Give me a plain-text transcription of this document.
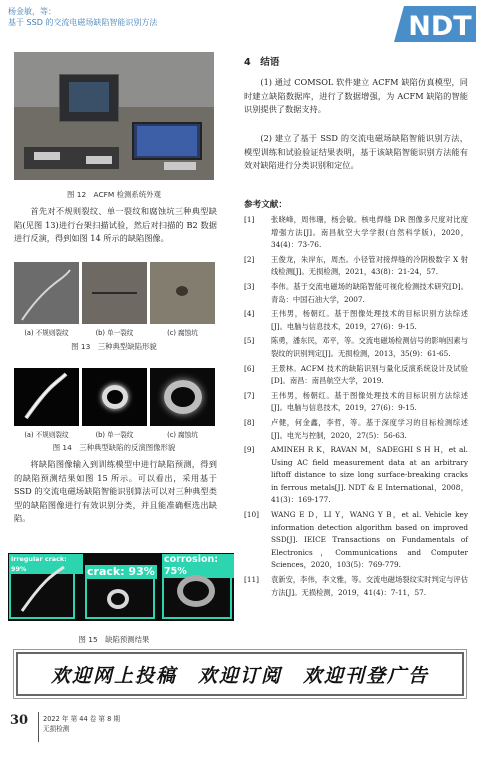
杨金敏，等：
基于 SSD 的交流电磁场缺陷智能识别方法	NDT
图 12　ACFM 检测系统外观
首先对不规则裂纹、单一裂纹和腐蚀坑三种典型缺陷(见图 13)进行台架扫描试验，然后对扫描的 B2 数据进行反演，得到如图 14 所示的缺陷图像。
(a) 不规则裂纹	(b) 单一裂纹	(c) 腐蚀坑
图 13　三种典型缺陷形貌
(a) 不规则裂纹	(b) 单一裂纹	(c) 腐蚀坑
图 14　三种典型缺陷的反演图像形貌
将缺陷图像输入到训练模型中进行缺陷预测，得到的缺陷预测结果如图 15 所示。可以看出，采用基于 SSD 的交流电磁场缺陷智能识别算法可以对三种典型类型的缺陷图像进行有效识别分类，并且能准确框选出缺陷。
irregular crack: 99%	crack: 93%
corrosion: 75%
图 15　缺陷预测结果
4　结语
(1) 通过 COMSOL 软件建立 ACFM 缺陷仿真模型，同时建立缺陷数据库，进行了数据增强，为 ACFM 缺陷的智能识别提供了数据支持。
(2) 建立了基于 SSD 的交流电磁场缺陷智能识别方法，模型训练和试验验证结果表明，基于该缺陷智能识别方法能有效对缺陷进行分类识别和定位。
参考文献：
[1] 张晓峰，周伟珊，杨会敏。核电焊缝 DR 图像多尺度对比度增强方法[J]。南昌航空大学学报(自然科学版)，2020，34(4)：73-76.
[2] 王俊龙，朱岸东，周杰。小径管对接焊缝的冷阴极数字 X 射线检测[J]。无损检测，2021，43(8)：21-24，57.
[3] 李伟。基于交流电磁场的缺陷智能可视化检测技术研究[D]。青岛：中国石油大学，2007.
[4] 王伟男，杨朝红。基于图像处理技术的目标识别方法综述[J]。电脑与信息技术，2019，27(6)：9-15.
[5] 陈勇，潘东民，邓平，等。交流电磁场检测信号的影响因素与裂纹的识别判定[J]。无损检测，2013，35(9)：61-65.
[6] 王景林。ACFM 技术的缺陷识别与量化反演系统设计及试验[D]。南昌：南昌航空大学，2019.
[7] 王伟男，杨朝红。基于图像处理技术的目标识别方法综述[J]。电脑与信息技术，2019，27(6)：9-15.
[8] 卢健，何金鑫，李哲，等。基于深度学习的目标检测综述[J]。电光与控制，2020，27(5)：56-63.
[9] AMINEH R K，RAVAN M，SADEGHI S H H，et al. Using AC field measurement data at an arbitrary liftoff distance to size long surface-breaking cracks in ferrous metals[J]. NDT & E International，2008，41(3)：169-177.
[10] WANG E D，LI Y，WANG Y B，et al. Vehicle key information detection algorithm based on improved SSD[J]. IEICE Transactions on Fundamentals of Electronics，Communications and Computer Sciences，2020，103(5)：769-779.
[11] 袁新安，李伟，李文雅，等。交流电磁场裂纹实时判定与评估方法[J]。无损检测，2019，41(4)：7-11，57.
欢迎网上投稿　欢迎订阅　欢迎刊登广告
30 2022 年 第 44 卷 第 8 期
无损检测
